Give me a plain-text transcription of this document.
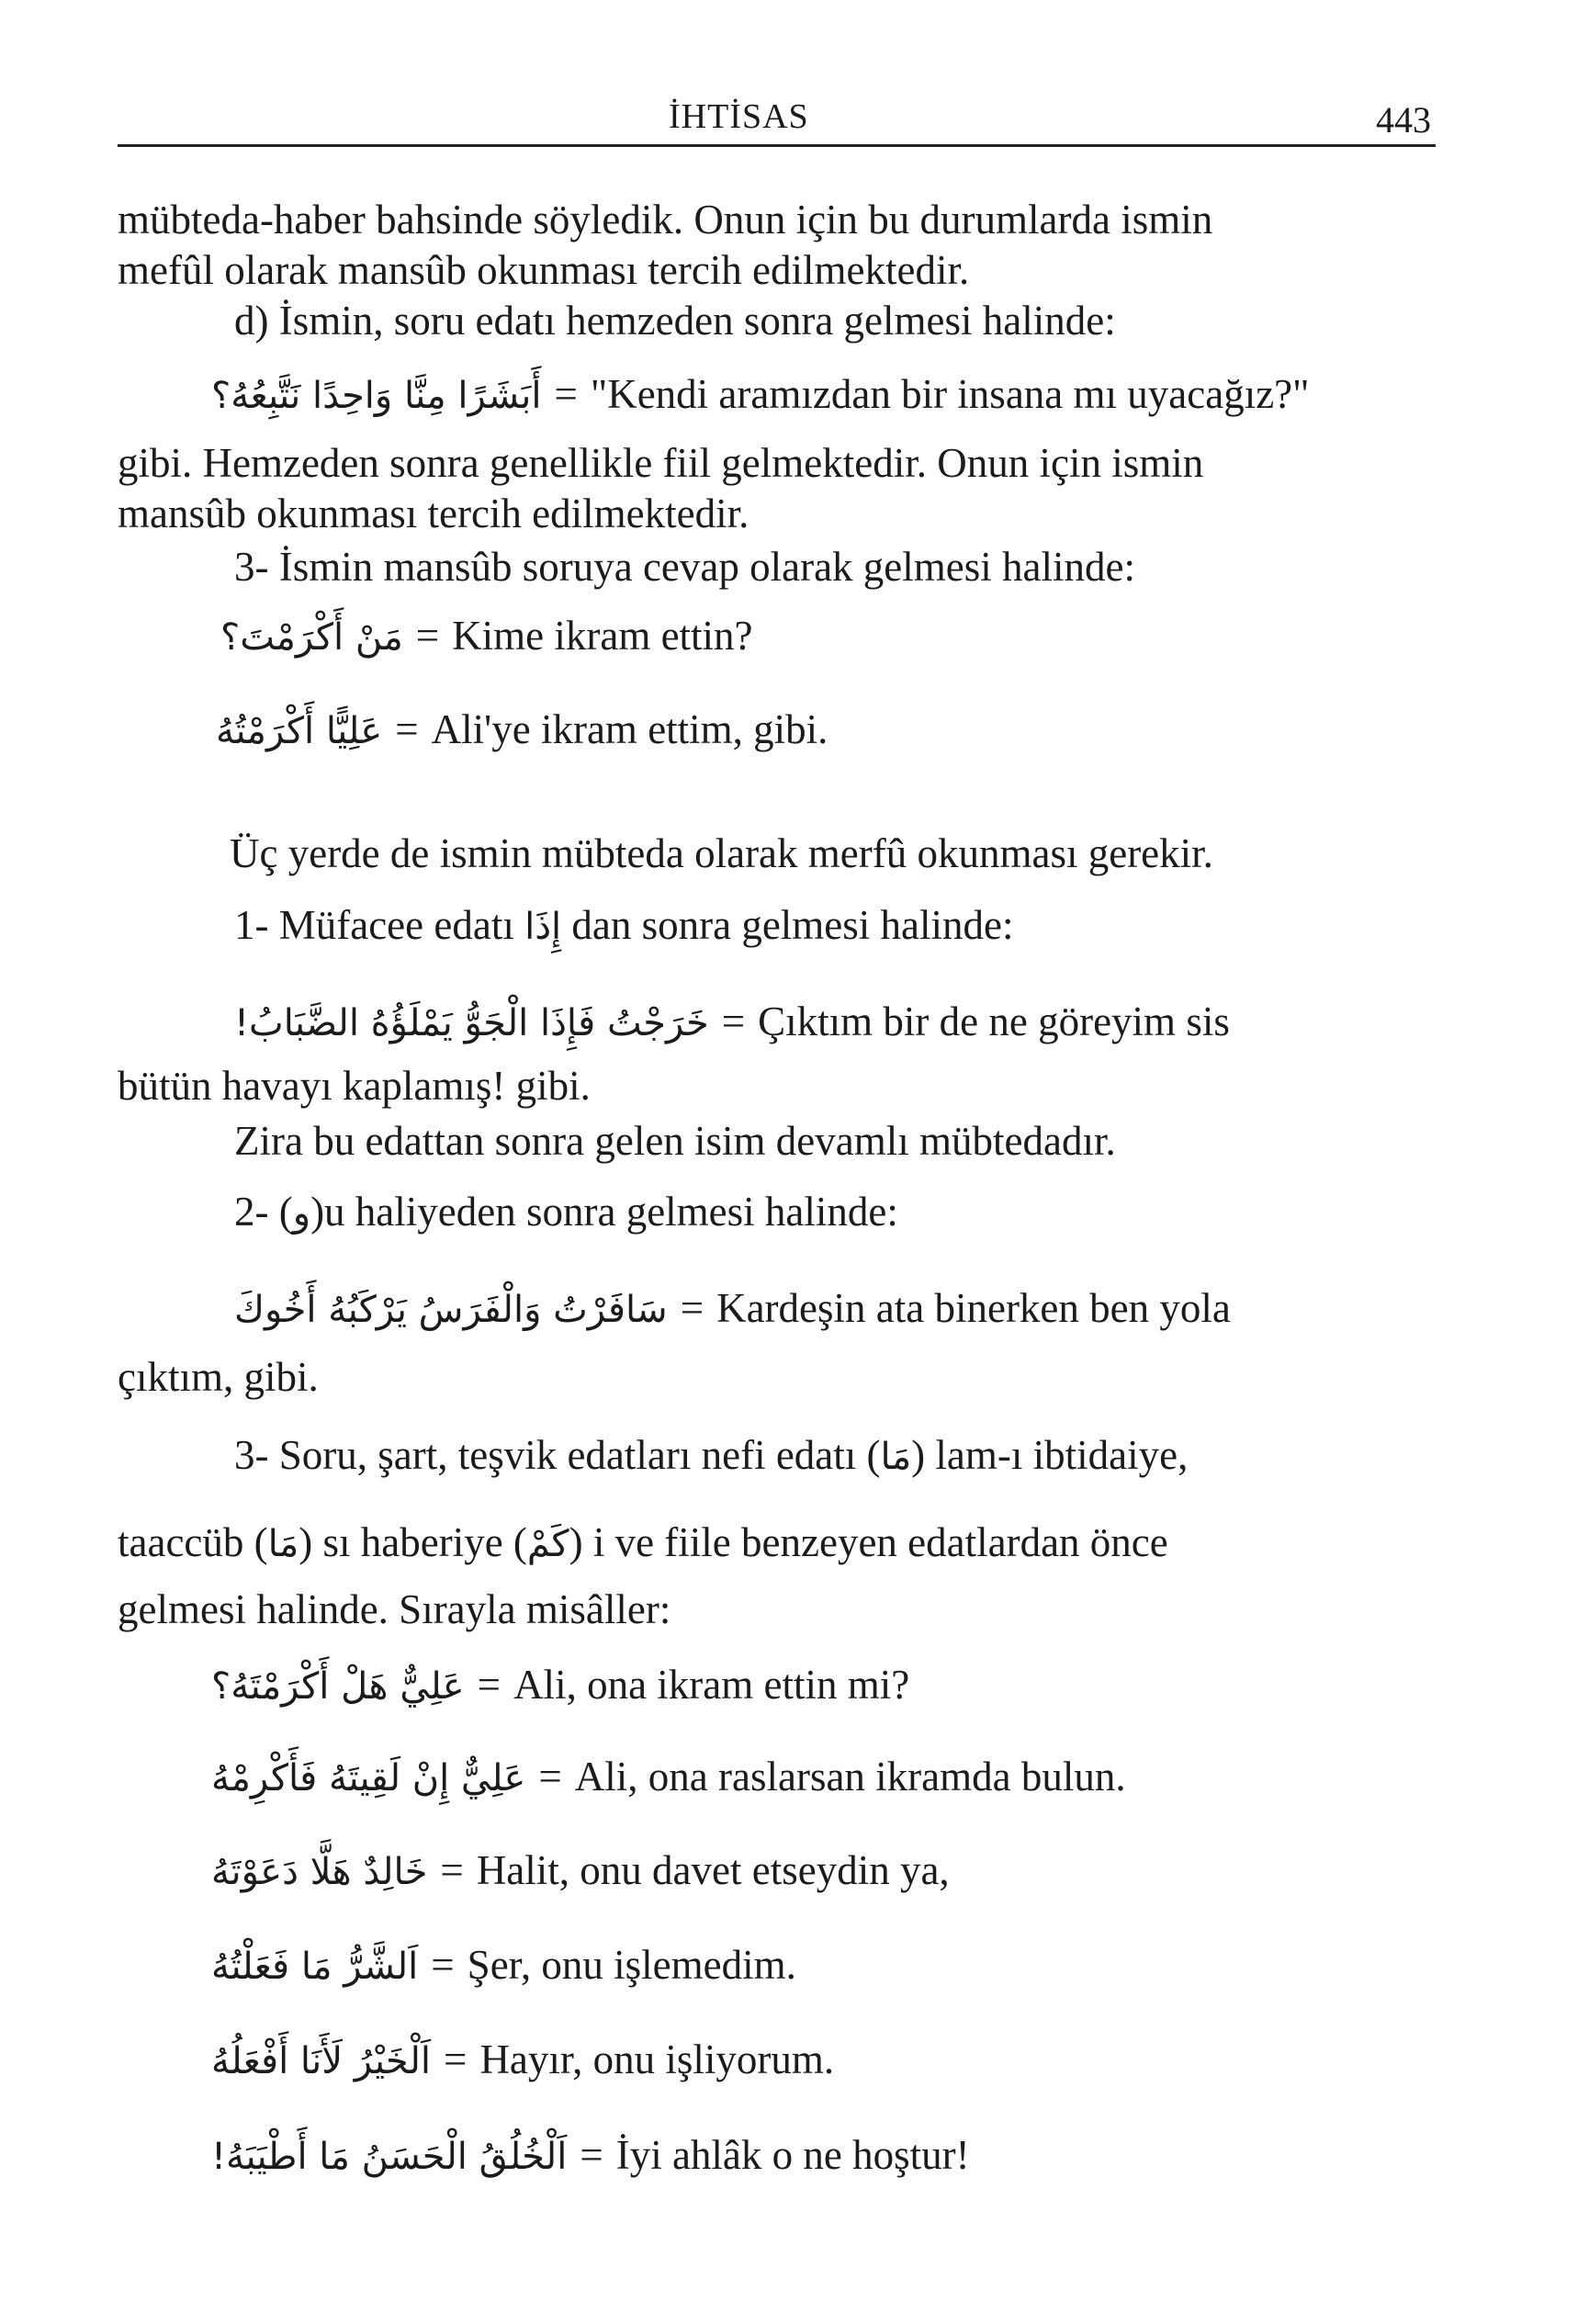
İHTİSAS	443
mübteda-haber bahsinde söyledik. Onun için bu durumlarda ismin
mefûl olarak mansûb okunması tercih edilmektedir.
d) İsmin, soru edatı hemzeden sonra gelmesi halinde:
أَبَشَرًا مِنَّا وَاحِدًا نَتَّبِعُهُ؟ = "Kendi aramızdan bir insana mı uyacağız?"
gibi. Hemzeden sonra genellikle fiil gelmektedir. Onun için ismin
mansûb okunması tercih edilmektedir.
3- İsmin mansûb soruya cevap olarak gelmesi halinde:
مَنْ أَكْرَمْتَ؟ = Kime ikram ettin?
عَلِيًّا أَكْرَمْتُهُ = Ali'ye ikram ettim, gibi.
Üç yerde de ismin mübteda olarak merfû okunması gerekir.
1- Müfacee edatı إِذَا dan sonra gelmesi halinde:
خَرَجْتُ فَإِذَا الْجَوُّ يَمْلَؤُهُ الضَّبَابُ! = Çıktım bir de ne göreyim sis
bütün havayı kaplamış! gibi.
Zira bu edattan sonra gelen isim devamlı mübtedadır.
2- (و)u haliyeden sonra gelmesi halinde:
سَافَرْتُ وَالْفَرَسُ يَرْكَبُهُ أَخُوكَ = Kardeşin ata binerken ben yola
çıktım, gibi.
3- Soru, şart, teşvik edatları nefi edatı (مَا) lam-ı ibtidaiye,
taaccüb (مَا) sı haberiye (كَمْ) i ve fiile benzeyen edatlardan önce
gelmesi halinde. Sırayla misâller:
عَلِيٌّ هَلْ أَكْرَمْتَهُ؟ = Ali, ona ikram ettin mi?
عَلِيٌّ إِنْ لَقِيتَهُ فَأَكْرِمْهُ = Ali, ona raslarsan ikramda bulun.
خَالِدٌ هَلَّا دَعَوْتَهُ = Halit, onu davet etseydin ya,
اَلشَّرُّ مَا فَعَلْتُهُ = Şer, onu işlemedim.
اَلْخَيْرُ لَأَنَا أَفْعَلُهُ = Hayır, onu işliyorum.
اَلْخُلُقُ الْحَسَنُ مَا أَطْيَبَهُ! = İyi ahlâk o ne hoştur!
